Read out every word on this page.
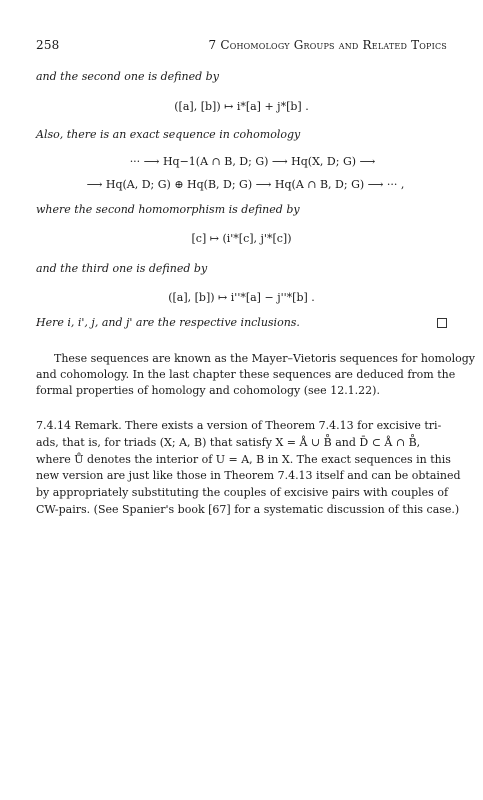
258	7 Cohomology Groups and Related Topics
and the second one is defined by
([a], [b]) ↦ i*[a] + j*[b] .
Also, there is an exact sequence in cohomology
··· ⟶ Hq−1(A ∩ B, D; G) ⟶ Hq(X, D; G) ⟶
⟶ Hq(A, D; G) ⊕ Hq(B, D; G) ⟶ Hq(A ∩ B, D; G) ⟶ ··· ,
where the second homomorphism is defined by
[c] ↦ (i'*[c], j'*[c])
and the third one is defined by
([a], [b]) ↦ i''*[a] − j''*[b] .
Here i, i', j, and j' are the respective inclusions.
These sequences are known as the Mayer–Vietoris sequences for homology
and cohomology. In the last chapter these sequences are deduced from the
formal properties of homology and cohomology (see 12.1.22).
7.4.14 Remark. There exists a version of Theorem 7.4.13 for excisive tri-
ads, that is, for triads (X; A, B) that satisfy X = Å ∪ B̊ and D̄ ⊂ Å ∩ B̊,
where Ů denotes the interior of U = A, B in X. The exact sequences in this
new version are just like those in Theorem 7.4.13 itself and can be obtained
by appropriately substituting the couples of excisive pairs with couples of
CW-pairs. (See Spanier's book [67] for a systematic discussion of this case.)
